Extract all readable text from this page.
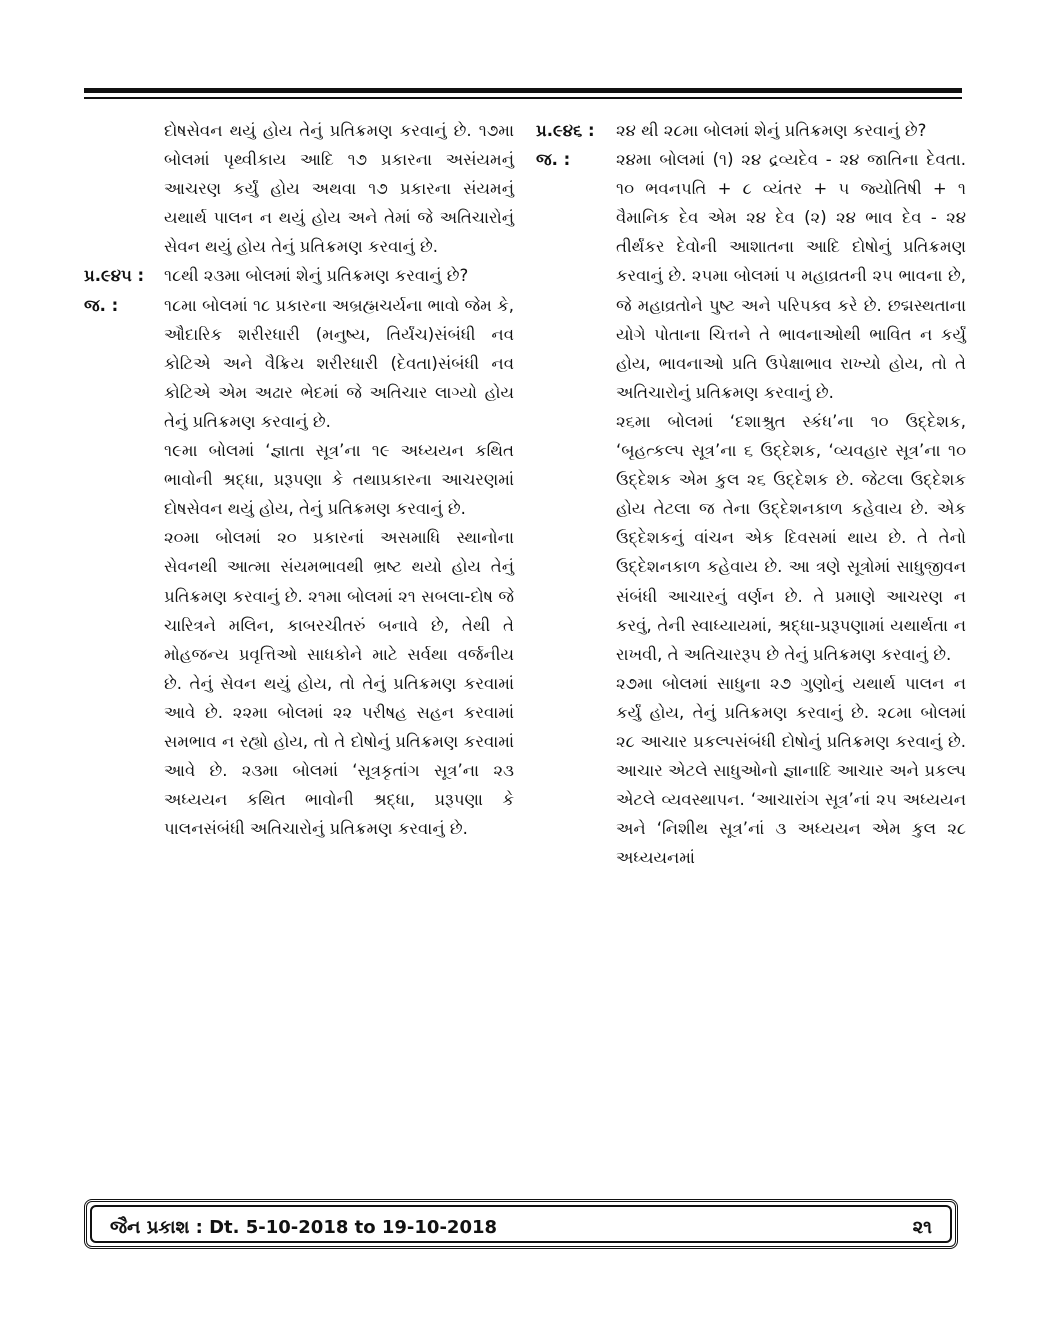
દોષસેવન થયું હોય તેનું પ્રતિક્રમણ કરવાનું છે. ૧૭મા બોલમાં પૃથ્વીકાય આદિ ૧૭ પ્રકારના અસંયમનું આચરણ કર્યું હોય અથવા ૧૭ પ્રકારના સંયમનું યથાર્થ પાલન ન થયું હોય અને તેમાં જે અતિચારોનું સેવન થયું હોય તેનું પ્રતિક્રમણ કરવાનું છે.

પ્ર.૯૪૫ :	૧૮થી ૨૩મા બોલમાં શેનું પ્રતિક્રમણ કરવાનું છે?

જ. :	૧૮મા બોલમાં ૧૮ પ્રકારના અબ્રહ્મચર્યના ભાવો જેમ કે, ઔદારિક શરીરધારી (મનુષ્ય, તિર્યંચ)સંબંધી નવ કોટિએ અને વૈક્રિય શરીરધારી (દેવતા)સંબંધી નવ કોટિએ એમ અઢાર ભેદમાં જે અતિચાર લાગ્યો હોય તેનું પ્રતિક્રમણ કરવાનું છે.

૧૯મા બોલમાં ‘જ્ઞાતા સૂત્ર’ના ૧૯ અધ્યયન કથિત ભાવોની શ્રદ્ધા, પ્રરૂપણા કે તથાપ્રકારના આચરણમાં દોષસેવન થયું હોય, તેનું પ્રતિક્રમણ કરવાનું છે.

૨૦મા બોલમાં ૨૦ પ્રકારનાં અસમાધિ સ્થાનોના સેવનથી આત્મા સંયમભાવથી ભ્રષ્ટ થયો હોય તેનું પ્રતિક્રમણ કરવાનું છે. ૨૧મા બોલમાં ૨૧ સબલા-દોષ જે ચારિત્રને મલિન, કાબરચીતરું બનાવે છે, તેથી તે મોહજન્ય પ્રવૃત્તિઓ સાધકોને માટે સર્વથા વર્જનીય છે. તેનું સેવન થયું હોય, તો તેનું પ્રતિક્રમણ કરવામાં આવે છે. ૨૨મા બોલમાં ૨૨ પરીષહ સહન કરવામાં સમભાવ ન રહ્યો હોય, તો તે દોષોનું પ્રતિક્રમણ કરવામાં આવે છે. ૨૩મા બોલમાં ‘સૂત્રકૃતાંગ સૂત્ર’ના ૨૩ અધ્યયન કથિત ભાવોની શ્રદ્ધા, પ્રરૂપણા કે પાલનસંબંધી અતિચારોનું પ્રતિક્રમણ કરવાનું છે.

પ્ર.૯૪૬ :	૨૪ થી ૨૮મા બોલમાં શેનું પ્રતિક્રમણ કરવાનું છે?

જ. :	૨૪મા બોલમાં (૧) ૨૪ દ્રવ્યદેવ - ૨૪ જાતિના દેવતા. ૧૦ ભવનપતિ + ૮ વ્યંતર + ૫ જ્યોતિષી + ૧ વૈમાનિક દેવ એમ ૨૪ દેવ (૨) ૨૪ ભાવ દેવ - ૨૪ તીર્થંકર દેવોની આશાતના આદિ દોષોનું પ્રતિક્રમણ કરવાનું છે. ૨૫મા બોલમાં ૫ મહાવ્રતની ૨૫ ભાવના છે, જે મહાવ્રતોને પુષ્ટ અને પરિપક્વ કરે છે. છદ્મસ્થતાના યોગે પોતાના ચિત્તને તે ભાવનાઓથી ભાવિત ન કર્યું હોય, ભાવનાઓ પ્રતિ ઉપેક્ષાભાવ રાખ્યો હોય, તો તે અતિચારોનું પ્રતિક્રમણ કરવાનું છે.

૨૬મા બોલમાં ‘દશાશ્રુત સ્કંધ’ના ૧૦ ઉદ્દેશક, ‘બૃહત્કલ્પ સૂત્ર’ના ૬ ઉદ્દેશક, ‘વ્યવહાર સૂત્ર’ના ૧૦ ઉદ્દેશક એમ કુલ ૨૬ ઉદ્દેશક છે. જેટલા ઉદ્દેશક હોય તેટલા જ તેના ઉદ્દેશનકાળ કહેવાય છે. એક ઉદ્દેશકનું વાંચન એક દિવસમાં થાય છે. તે તેનો ઉદ્દેશનકાળ કહેવાય છે. આ ત્રણે સૂત્રોમાં સાધુજીવન સંબંધી આચારનું વર્ણન છે. તે પ્રમાણે આચરણ ન કરવું, તેની સ્વાધ્યાયમાં, શ્રદ્ધા-પ્રરૂપણામાં યથાર્થતા ન રાખવી, તે અતિચારરૂપ છે તેનું પ્રતિક્રમણ કરવાનું છે.

૨૭મા બોલમાં સાધુના ૨૭ ગુણોનું યથાર્થ પાલન ન કર્યું હોય, તેનું પ્રતિક્રમણ કરવાનું છે. ૨૮મા બોલમાં ૨૮ આચાર પ્રકલ્પસંબંધી દોષોનું પ્રતિક્રમણ કરવાનું છે. આચાર એટલે સાધુઓનો જ્ઞાનાદિ આચાર અને પ્રકલ્પ એટલે વ્યવસ્થાપન. ‘આચારાંગ સૂત્ર’નાં ૨૫ અધ્યયન અને ‘નિશીથ સૂત્ર’નાં ૩ અધ્યયન એમ કુલ ૨૮ અધ્યયનમાં

જૈન પ્રકાશ : Dt. 5-10-2018 to 19-10-2018	૨૧
